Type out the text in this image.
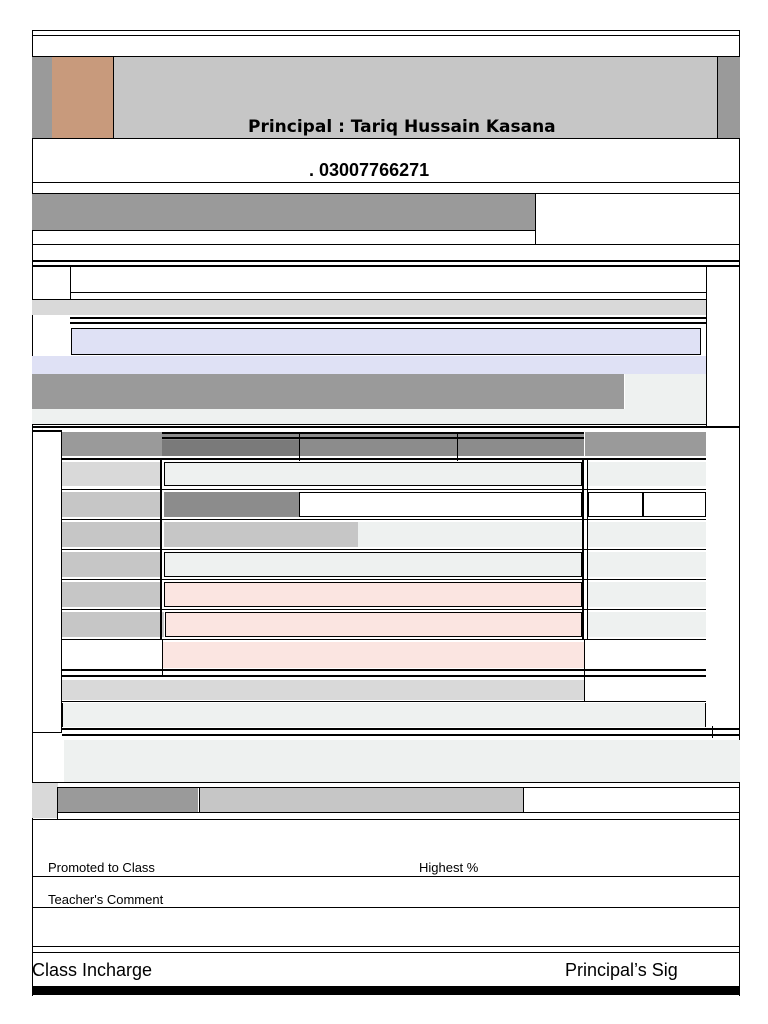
Principal : Tariq Hussain Kasana
. 03007766271
Promoted to Class	Highest %
Teacher's Comment
Class Incharge	Principal’s Sig
